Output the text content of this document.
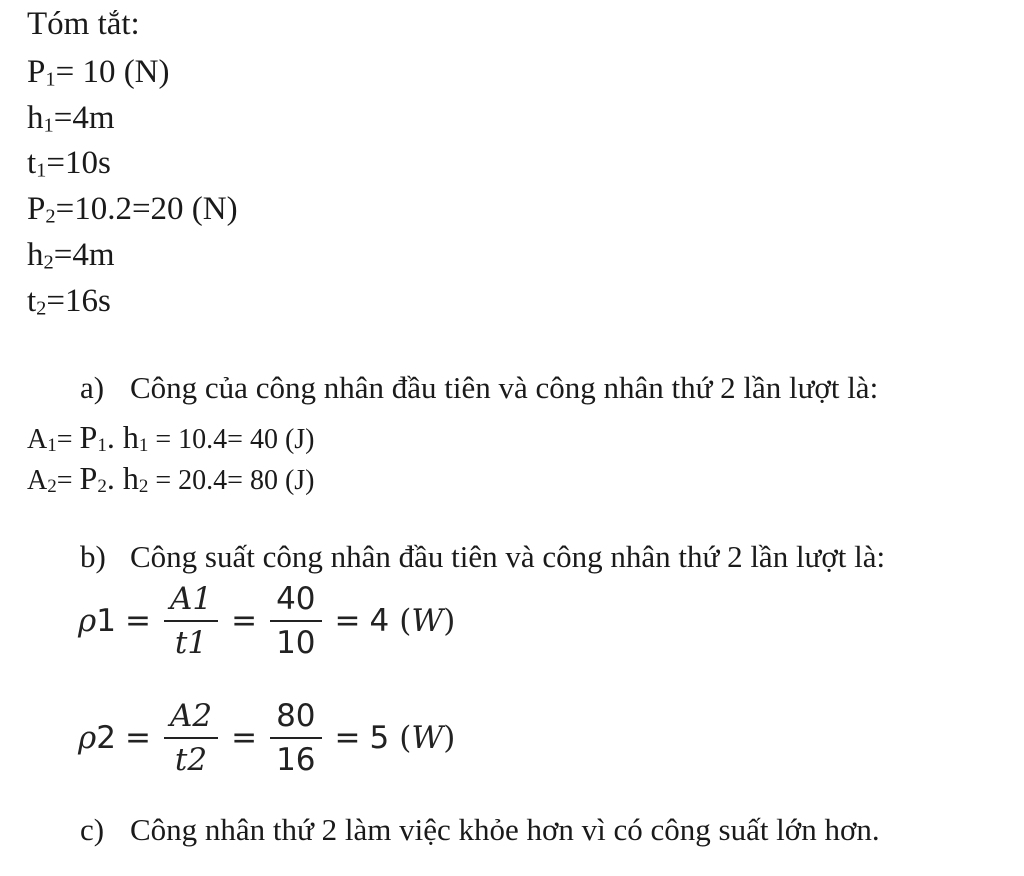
Tóm tắt:
$P_1= 10$ (N)
$h_1=4m$
$t_1=10s$
$P_2=10.2=20$ (N)
$h_2=4m$
$t_2=16s$
a) Công của công nhân đầu tiên và công nhân thứ 2 lần lượt là:
$A_1= P_1$. $h_1 = 10.4= 40$ (J)
$A_2= P_2$. $h_2 = 20.4= 80$ (J)
b) Công suất công nhân đầu tiên và công nhân thứ 2 lần lượt là:
ρ $1 = \frac{A1}{t1} = \frac{40}{10} = 4$ (W)
ρ $2 = \frac{A2}{t2} = \frac{80}{16} = 5$ (W)
c) Công nhân thứ 2 làm việc khỏe hơn vì có công suất lớn hơn.
